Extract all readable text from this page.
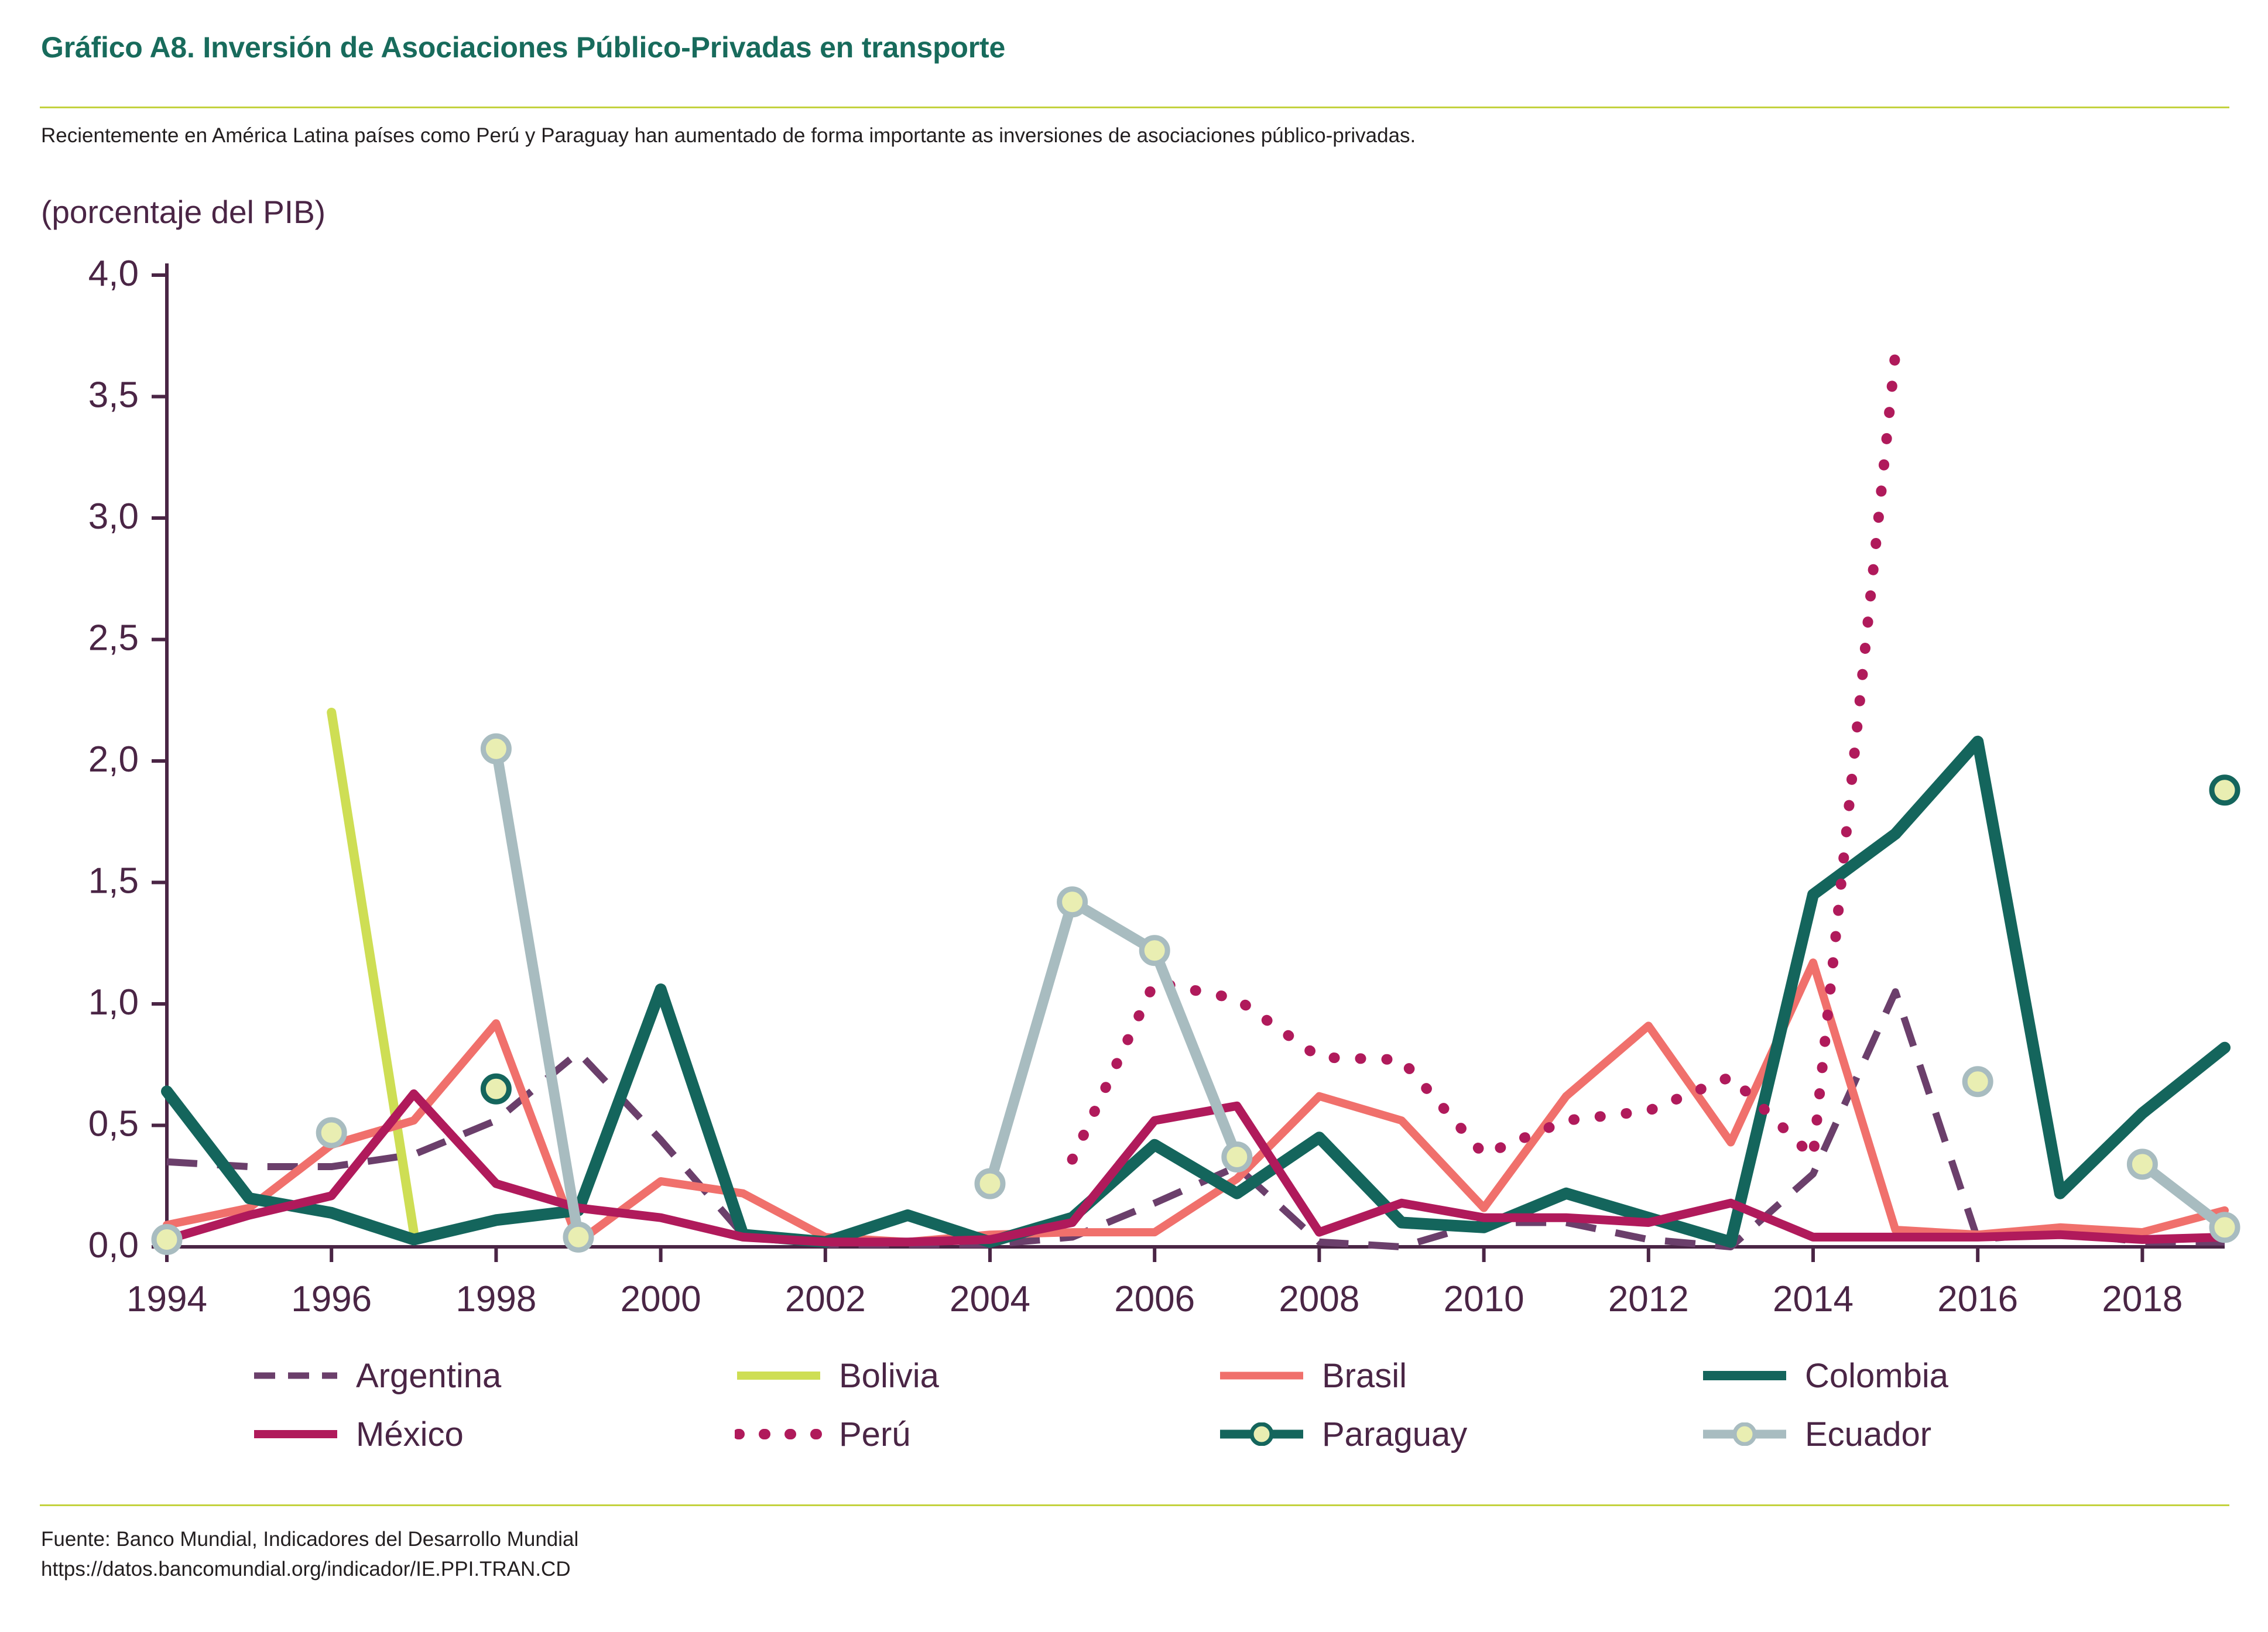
Gráfico A8. Inversión de Asociaciones Público-Privadas en transporte
Recientemente en América Latina países como Perú y Paraguay han aumentado de forma importante as inversiones de asociaciones público-privadas.
(porcentaje del PIB)
0,0
0,5
1,0
1,5
2,0
2,5
3,0
3,5
4,0
1994 1996 1998 2000 2002 2004 2006 2008 2010 2012 2014 2016 2018
Argentina	Bolivia	Brasil	Colombia
México	Perú	Paraguay	Ecuador
Fuente: Banco Mundial, Indicadores del Desarrollo Mundial
https://datos.bancomundial.org/indicador/IE.PPI.TRAN.CD
